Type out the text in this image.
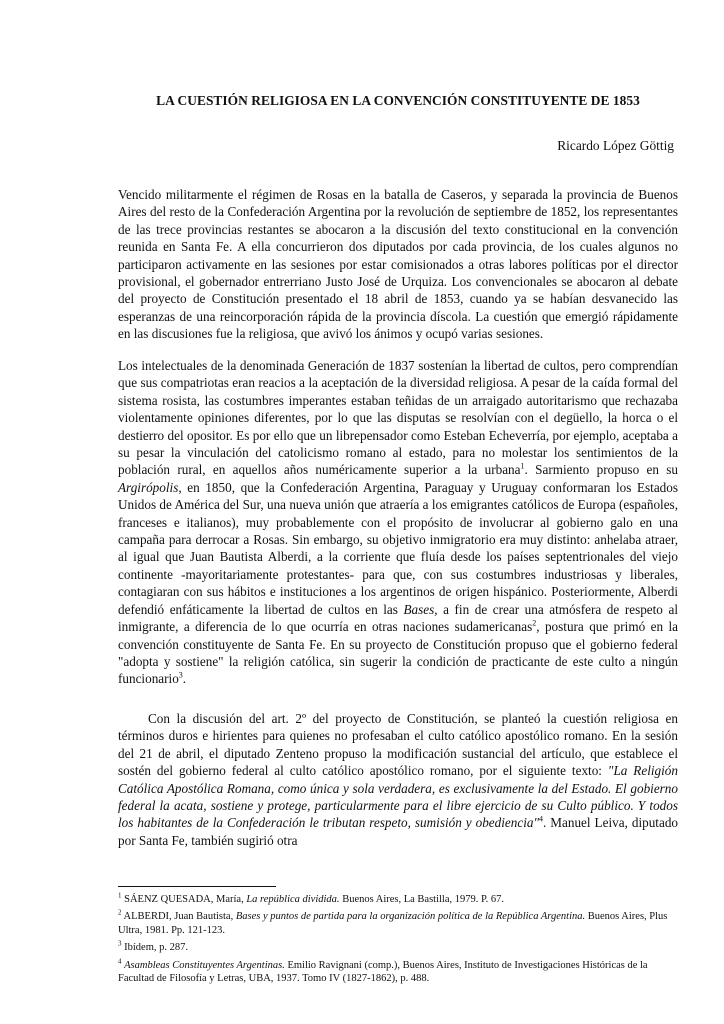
LA CUESTIÓN RELIGIOSA EN LA CONVENCIÓN CONSTITUYENTE DE 1853
Ricardo López Göttig

Vencido militarmente el régimen de Rosas en la batalla de Caseros, y separada la provincia de Buenos Aires del resto de la Confederación Argentina por la revolución de septiembre de 1852, los representantes de las trece provincias restantes se abocaron a la discusión del texto constitucional en la convención reunida en Santa Fe. A ella concurrieron dos diputados por cada provincia, de los cuales algunos no participaron activamente en las sesiones por estar comisionados a otras labores políticas por el director provisional, el gobernador entrerriano Justo José de Urquiza. Los convencionales se abocaron al debate del proyecto de Constitución presentado el 18 abril de 1853, cuando ya se habían desvanecido las esperanzas de una reincorporación rápida de la provincia díscola. La cuestión que emergió rápidamente en las discusiones fue la religiosa, que avivó los ánimos y ocupó varias sesiones.

Los intelectuales de la denominada Generación de 1837 sostenían la libertad de cultos, pero comprendían que sus compatriotas eran reacios a la aceptación de la diversidad religiosa. A pesar de la caída formal del sistema rosista, las costumbres imperantes estaban teñidas de un arraigado autoritarismo que rechazaba violentamente opiniones diferentes, por lo que las disputas se resolvían con el degüello, la horca o el destierro del opositor. Es por ello que un librepensador como Esteban Echeverría, por ejemplo, aceptaba a su pesar la vinculación del catolicismo romano al estado, para no molestar los sentimientos de la población rural, en aquellos años numéricamente superior a la urbana$^1$. Sarmiento propuso en su Argirópolis, en 1850, que la Confederación Argentina, Paraguay y Uruguay conformaran los Estados Unidos de América del Sur, una nueva unión que atraería a los emigrantes católicos de Europa (españoles, franceses e italianos), muy probablemente con el propósito de involucrar al gobierno galo en una campaña para derrocar a Rosas. Sin embargo, su objetivo inmigratorio era muy distinto: anhelaba atraer, al igual que Juan Bautista Alberdi, a la corriente que fluía desde los países septentrionales del viejo continente -mayoritariamente protestantes- para que, con sus costumbres industriosas y liberales, contagiaran con sus hábitos e instituciones a los argentinos de origen hispánico. Posteriormente, Alberdi defendió enfáticamente la libertad de cultos en las Bases, a fin de crear una atmósfera de respeto al inmigrante, a diferencia de lo que ocurría en otras naciones sudamericanas$^2$, postura que primó en la convención constituyente de Santa Fe. En su proyecto de Constitución propuso que el gobierno federal "adopta y sostiene" la religión católica, sin sugerir la condición de practicante de este culto a ningún funcionario$^3$.

Con la discusión del art. 2º del proyecto de Constitución, se planteó la cuestión religiosa en términos duros e hirientes para quienes no profesaban el culto católico apostólico romano. En la sesión del 21 de abril, el diputado Zenteno propuso la modificación sustancial del artículo, que establece el sostén del gobierno federal al culto católico apostólico romano, por el siguiente texto: "La Religión Católica Apostólica Romana, como única y sola verdadera, es exclusivamente la del Estado. El gobierno federal la acata, sostiene y protege, particularmente para el libre ejercicio de su Culto público. Y todos los habitantes de la Confederación le tributan respeto, sumisión y obediencia"$^4$. Manuel Leiva, diputado por Santa Fe, también sugirió otra

$^1$ SÁENZ QUESADA, María, La república dividida. Buenos Aires, La Bastilla, 1979. P. 67.

$^2$ ALBERDI, Juan Bautista, Bases y puntos de partida para la organización política de la República Argentina. Buenos Aires, Plus Ultra, 1981. Pp. 121-123.

$^3$ Ibídem, p. 287.

$^4$ Asambleas Constituyentes Argentinas. Emilio Ravignani (comp.), Buenos Aires, Instituto de Investigaciones Históricas de la Facultad de Filosofía y Letras, UBA, 1937. Tomo IV (1827-1862), p. 488.
